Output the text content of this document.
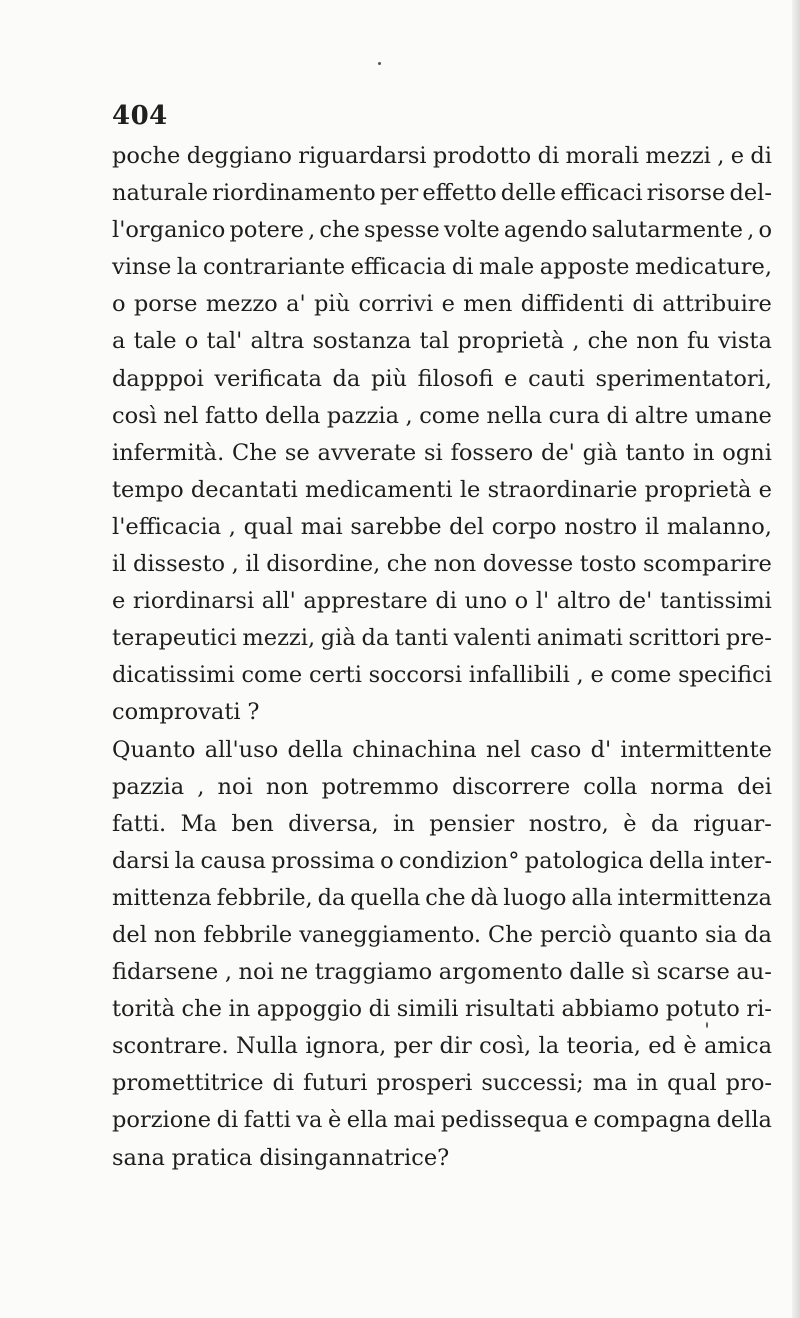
404
poche deggiano riguardarsi prodotto di morali mezzi , e di
naturale riordinamento per effetto delle efficaci risorse del-
l'organico potere , che spesse volte agendo salutarmente , o
vinse la contrariante efficacia di male apposte medicature,
o porse mezzo a' più corrivi e men diffidenti di attribuire
a tale o tal' altra sostanza tal proprietà , che non fu vista
dapppoi verificata da più filosofi e cauti sperimentatori,
così nel fatto della pazzia , come nella cura di altre umane
infermità. Che se avverate si fossero de' già tanto in ogni
tempo decantati medicamenti le straordinarie proprietà e
l'efficacia , qual mai sarebbe del corpo nostro il malanno,
il dissesto , il disordine, che non dovesse tosto scomparire
e riordinarsi all' apprestare di uno o l' altro de' tantissimi
terapeutici mezzi, già da tanti valenti animati scrittori pre-
dicatissimi come certi soccorsi infallibili , e come specifici
comprovati ?
Quanto all'uso della chinachina nel caso d' intermittente
pazzia , noi non potremmo discorrere colla norma dei
fatti. Ma ben diversa, in pensier nostro, è da riguar-
darsi la causa prossima o condizion° patologica della inter-
mittenza febbrile, da quella che dà luogo alla intermittenza
del non febbrile vaneggiamento. Che perciò quanto sia da
fidarsene , noi ne traggiamo argomento dalle sì scarse au-
torità che in appoggio di simili risultati abbiamo potuto ri-
scontrare. Nulla ignora, per dir così, la teoria, ed è amica
promettitrice di futuri prosperi successi; ma in qual pro-
porzione di fatti va è ella mai pedissequa e compagna della
sana pratica disingannatrice?
